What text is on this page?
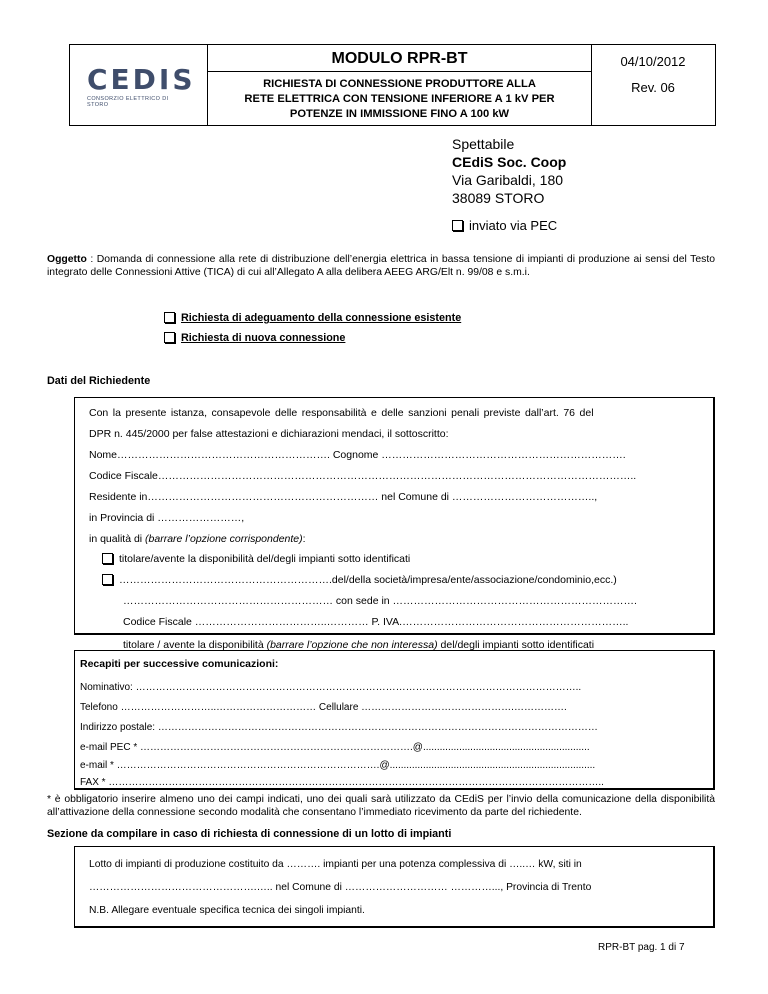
CEDIS
CONSORZIO ELETTRICO DI STORO
MODULO RPR-BT
RICHIESTA DI CONNESSIONE PRODUTTORE ALLA
RETE ELETTRICA CON TENSIONE INFERIORE A 1 kV PER
POTENZE IN IMMISSIONE FINO A 100 kW
04/10/2012
Rev. 06
Spettabile
CEdiS Soc. Coop
Via Garibaldi, 180
38089 STORO
inviato via PEC
Oggetto : Domanda di connessione alla rete di distribuzione dell’energia elettrica in bassa tensione di impianti di produzione ai sensi del Testo integrato delle Connessioni Attive (TICA) di cui all’Allegato A alla delibera AEEG ARG/Elt n. 99/08 e s.m.i.
Richiesta di adeguamento della connessione esistente
Richiesta di nuova connessione
Dati del Richiedente
Con la presente istanza, consapevole delle responsabilità e delle sanzioni penali previste dall’art. 76 del
DPR n. 445/2000 per false attestazioni e dichiarazioni mendaci, il sottoscritto:
Nome……………………………………………………. Cognome …………………………………………………………….
Codice Fiscale………………………………………………………………………………………………………………………..
Residente in………………………………………………………… nel Comune di …………………………………..,
in Provincia di ……………………,
in qualità di (barrare l’opzione corrispondente):
titolare/avente la disponibilità del/degli impianti sotto identificati
…………………………………………………….del/della società/impresa/ente/associazione/condominio,ecc.)
…………………………………………………… con sede in …………………………………………………………….
Codice Fiscale ………………………………..………… P. IVA.………………………………………………………..
titolare / avente la disponibilità (barrare l’opzione che non interessa) del/degli impianti sotto identificati
Recapiti per successive comunicazioni:
Nominativo: ……………………………………………………………………………………………………………………..
Telefono ………………………..………………………… Cellulare ……………………………………….…………….
Indirizzo postale: ……………………………………………………………………………………………………………………
e-mail PEC * ……………………………………………………………………….@............................................................
* è obbligatorio inserire almeno uno dei campi indicati, uno dei quali sarà utilizzato da CEdiS per l’invio della comunicazione della disponibilità all’attivazione della connessione secondo modalità che consentano l’immediato ricevimento da parte del richiedente.
e-mail * …………………………………………………………………….@..........................................................................
FAX * …………………………………………………………………………………………………………………………………..
Sezione da compilare in caso di richiesta di connessione di un lotto di impianti
Lotto di impianti di produzione costituito da ………. impianti per una potenza complessiva di …..… kW, siti in
………………………………………….….. nel Comune di ………………………… …………..., Provincia di Trento
N.B. Allegare eventuale specifica tecnica dei singoli impianti.
RPR-BT pag. 1 di 7
